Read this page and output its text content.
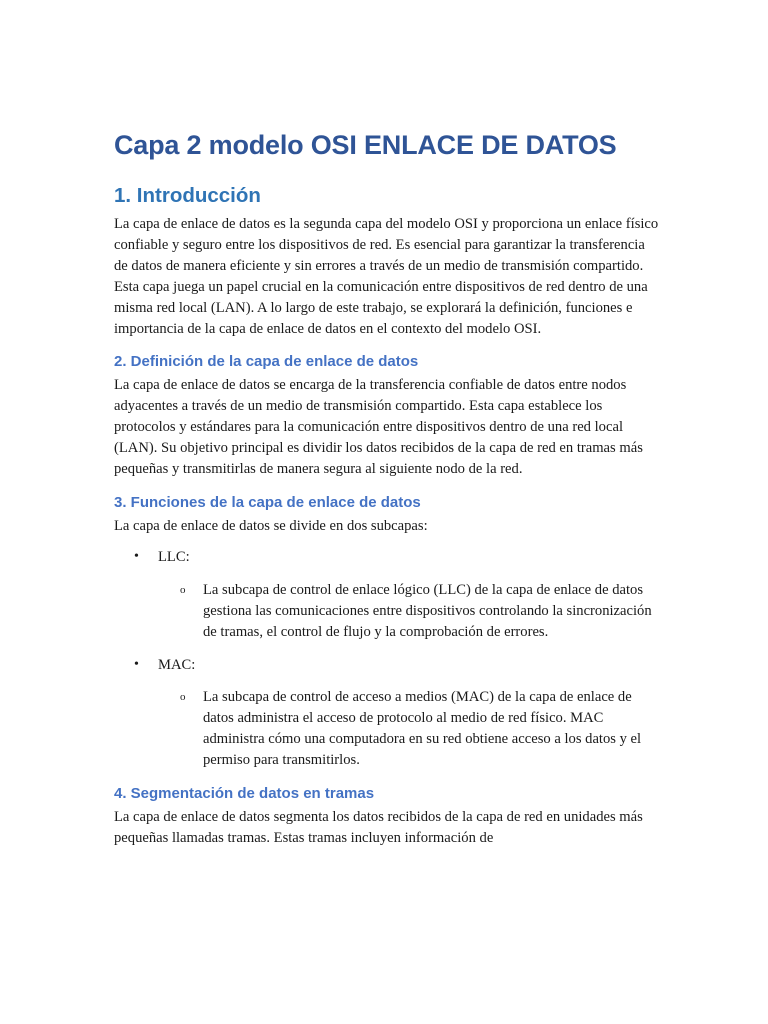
Capa 2 modelo OSI ENLACE DE DATOS
1. Introducción

La capa de enlace de datos es la segunda capa del modelo OSI y proporciona un enlace físico confiable y seguro entre los dispositivos de red. Es esencial para garantizar la transferencia de datos de manera eficiente y sin errores a través de un medio de transmisión compartido. Esta capa juega un papel crucial en la comunicación entre dispositivos de red dentro de una misma red local (LAN). A lo largo de este trabajo, se explorará la definición, funciones e importancia de la capa de enlace de datos en el contexto del modelo OSI.

2. Definición de la capa de enlace de datos

La capa de enlace de datos se encarga de la transferencia confiable de datos entre nodos adyacentes a través de un medio de transmisión compartido. Esta capa establece los protocolos y estándares para la comunicación entre dispositivos dentro de una red local (LAN). Su objetivo principal es dividir los datos recibidos de la capa de red en tramas más pequeñas y transmitirlas de manera segura al siguiente nodo de la red.

3. Funciones de la capa de enlace de datos

La capa de enlace de datos se divide en dos subcapas:

• LLC:
o La subcapa de control de enlace lógico (LLC) de la capa de enlace de datos gestiona las comunicaciones entre dispositivos controlando la sincronización de tramas, el control de flujo y la comprobación de errores.
• MAC:
o La subcapa de control de acceso a medios (MAC) de la capa de enlace de datos administra el acceso de protocolo al medio de red físico. MAC administra cómo una computadora en su red obtiene acceso a los datos y el permiso para transmitirlos.
4. Segmentación de datos en tramas

La capa de enlace de datos segmenta los datos recibidos de la capa de red en unidades más pequeñas llamadas tramas. Estas tramas incluyen información de
